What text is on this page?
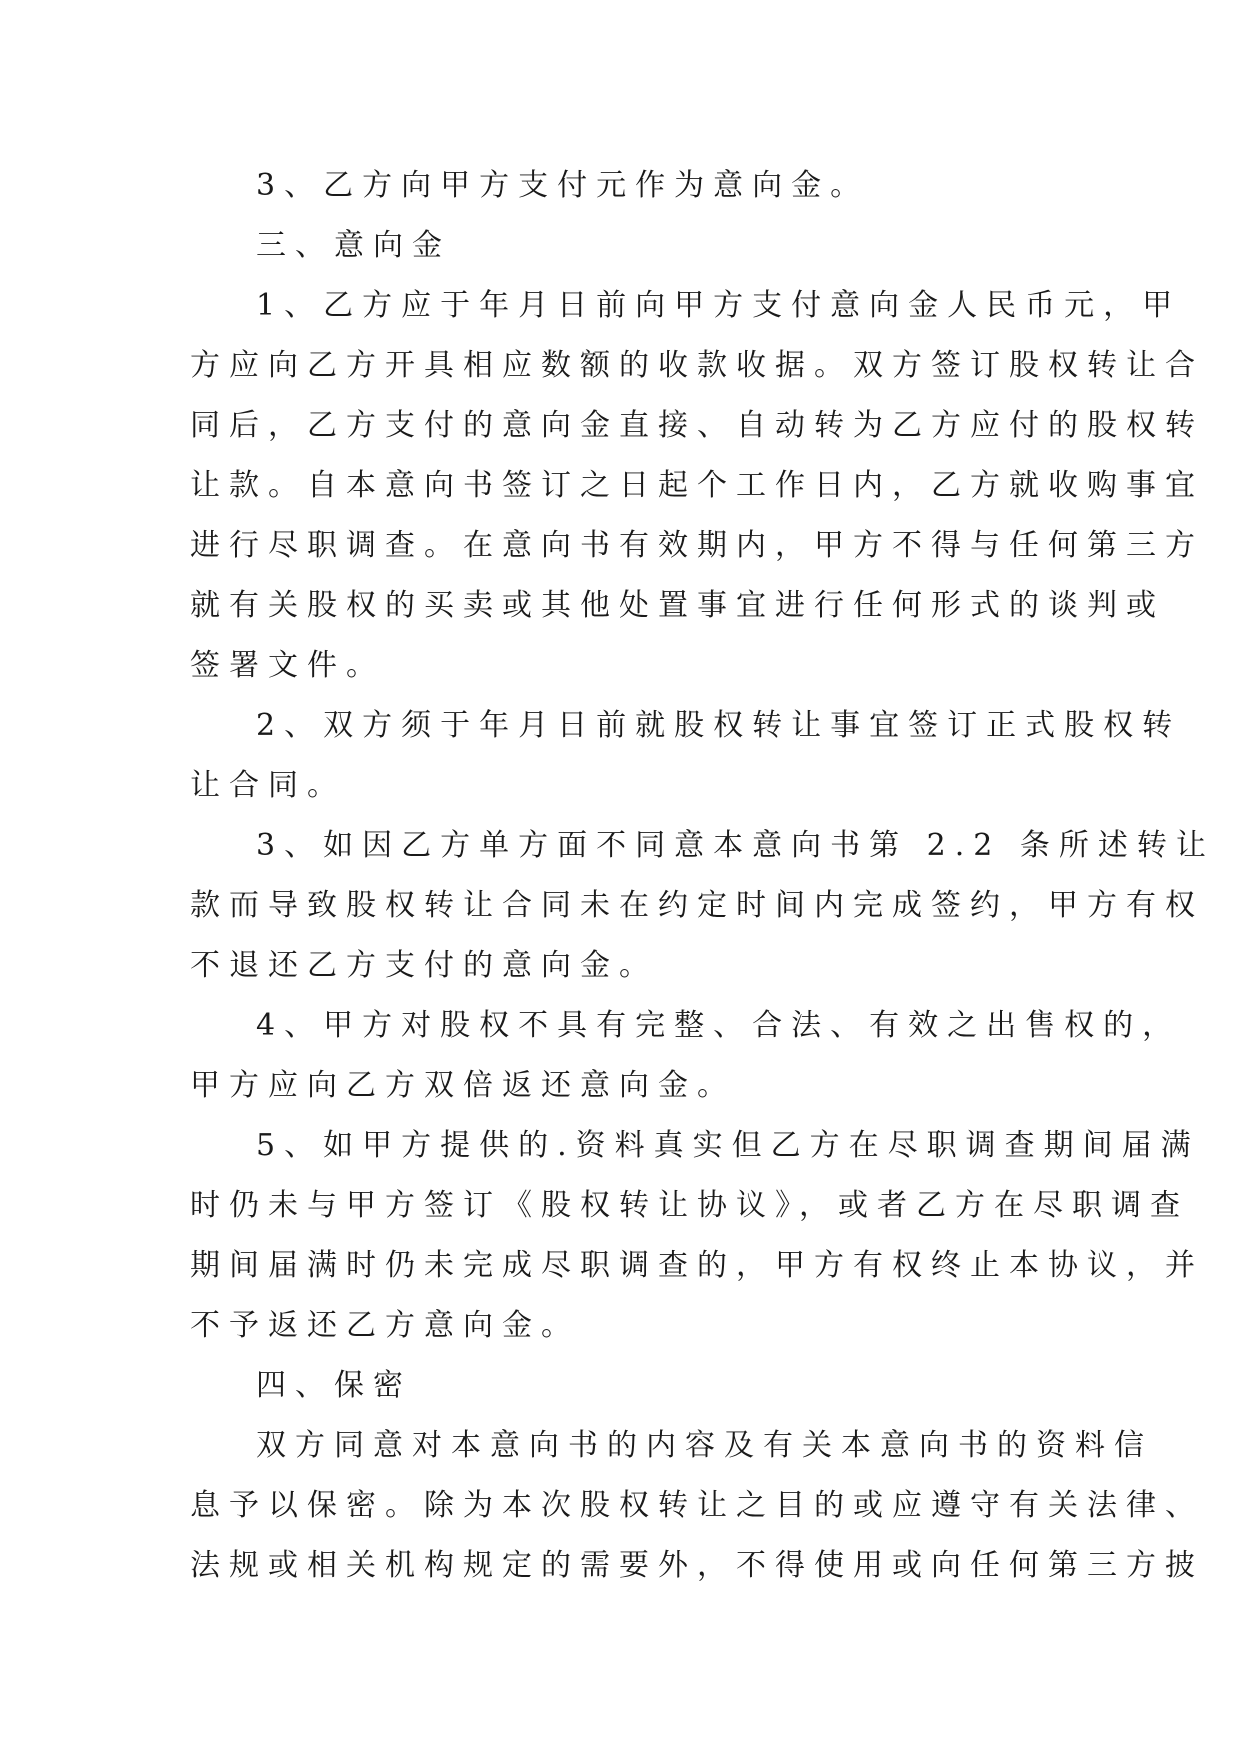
3、乙方向甲方支付元作为意向金。
三、意向金
1、乙方应于年月日前向甲方支付意向金人民币元，甲
方应向乙方开具相应数额的收款收据。双方签订股权转让合
同后，乙方支付的意向金直接、自动转为乙方应付的股权转
让款。自本意向书签订之日起个工作日内，乙方就收购事宜
进行尽职调查。在意向书有效期内，甲方不得与任何第三方
就有关股权的买卖或其他处置事宜进行任何形式的谈判或
签署文件。
2、双方须于年月日前就股权转让事宜签订正式股权转
让合同。
3、如因乙方单方面不同意本意向书第 2.2 条所述转让
款而导致股权转让合同未在约定时间内完成签约，甲方有权
不退还乙方支付的意向金。
4、甲方对股权不具有完整、合法、有效之出售权的，
甲方应向乙方双倍返还意向金。
5、如甲方提供的.资料真实但乙方在尽职调查期间届满
时仍未与甲方签订《股权转让协议》，或者乙方在尽职调查
期间届满时仍未完成尽职调查的，甲方有权终止本协议，并
不予返还乙方意向金。
四、保密
双方同意对本意向书的内容及有关本意向书的资料信
息予以保密。除为本次股权转让之目的或应遵守有关法律、
法规或相关机构规定的需要外，不得使用或向任何第三方披
